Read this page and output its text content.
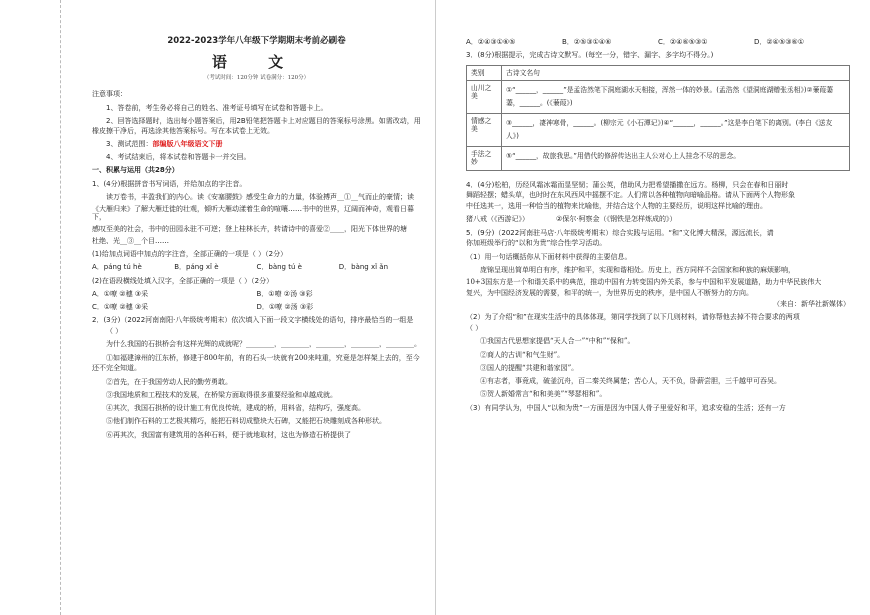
2022-2023学年八年级下学期期末考前必刷卷
语 文
（考试时间：120分钟 试卷满分：120分）

注意事项：

1、答卷前，考生务必将自己的姓名、准考证号填写在试卷和答题卡上。

2、回答选择题时，选出每小题答案后，用2B铅笔把答题卡上对应题目的答案标号涂黑。如需改动，用

橡皮擦干净后，再选涂其他答案标号。写在本试卷上无效。

3、测试范围：部编版八年级语文下册

4、考试结束后，将本试卷和答题卡一并交回。

一、积累与运用（共28分）

1、(4分)根据拼音书写词语，并给加点的字注音。

读万卷书，丰盈我们的内心。读《安塞腰鼓》感受生命力的力量，体验搏声__①__气而止的豪情；读

《大雁归来》了解大雁迁徙的壮观，倾听大雁动漾着生命的喧嚷……书中的世界，辽阔而神奇，观看日暮下，

感叹至美的社会，书中的田园永驻不可逆；登上桂林长卉，转请诗中的喜爱②____，阳光下体世界的塘

杜绝、光__③__个目……

(1)给加点词语中加点的字注音，全部正确的一项是（ ）（2分）

A．páng tú hè	B．páng xǐ è	C．bàng tú è	D．bàng xǐ ǎn

(2)在语段横线处填入汉字，全部正确的一项是（ ）（2分）

A．①嘹 ②穗 ③采	B．①嘹 ②汤 ③彩
C．①嘹 ②穗 ③采	D．①嘹 ②汤 ③彩

2．(3分)（2022河南南阳·八年级统考期末）依次填入下面一段文字横线处的语句，排序最恰当的一组是

（ ）

为什么我国的石拱桥会有这样光辉的成就呢？________，________，________，________，________。

①如福建漳州的江东桥，修建于800年前，有的石头一块就有200来吨重，究竟是怎样架上去的，至今

还不完全知道。

②首先，在于我国劳动人民的勤劳勇敢。

③我国地质和工程技术的发展，在桥梁方面取得很多重要经验和卓越成就。

④其次，我国石拱桥的设计施工有优良传统，建成的桥，用料省，结构巧，强度高。

⑤他们制作石料的工艺极其精巧，能把石料切成整块大石碑，又能把石块雕刻成各种形状。

⑥再其次，我国富有建筑用的各种石料，便于就地取材，这也为修造石桥提供了

A．②④③①⑥⑤	B．②⑤③①④⑥	C．②④⑥⑤③①	D．②④⑤③⑥①

3．(8分)根据提示，完成古诗文默写。(每空一分，错字、漏字、多字均不得分。)

类别	古诗文名句
山川之美	①“______，______”是孟浩然笔下洞庭湖水天相接，浑然一体的妙景。(孟浩然《望洞庭湖赠张丞相》)②蒹葭萋萋，______。(《蒹葭》)
情感之美	③______，凄神寒骨，______。(柳宗元《小石潭记》)④“______，______。”这是李白笔下的离别。(李白《送友人》)
手法之妙	⑤“______，故旅我思。”用借代的修辞传达出主人公对心上人挂念不尽的思念。

4．(4分)松柏，历经风霜冰霜而显坚韧；蒲公英，借助风力把希望播撒在远方。杨柳，只会在春和日丽时

舞蹈轻摆；蜡头草，也时时在东风西风中摇摆不定。人们常以各种植物向暗喻品格。请从下面两个人物形象

中任选其一，选用一种恰当的植物来比喻他，并结合这个人物的主要经历，说明这样比喻的理由。

猪八戒（《西游记》）	②保尔·柯察金（《钢铁是怎样炼成的》）

5．(9分)（2022河南驻马店·八年级统考期末）综合实践与运用。“和”文化博大精深，源远流长，请

你加班级举行的“以和为贵”综合性学习活动。

（1）用一句话概括你从下面材料中获得的主要信息。

庞锦呈现出简单明白有序，维护和平，实现和谐相处。历史上，西方同样不会国家和种族的麻烦影响，

10+3国东方是一个和谐关系中的典范，推动中国有力转变国内外关系，参与中国和平发展道路，助力中华民族伟大

复兴，为中国经济发展的需要，和平的统一，为世界历史的秩序，是中国人不断努力的方向。

（来自：新华社新媒体）

（2）为了介绍“和”在现实生活中的具体体现，第同学找到了以下几则材料，请你帮他去掉不符合要求的两项

（ ）

①我国古代思想家提倡“天人合一”“中和”“保和”。

②商人的古训“和气生财”。

③国人的提醒“共建和谐家园”。

④有志者，事竟成，破釜沉舟，百二秦关终属楚；苦心人，天不负，卧薪尝胆，三千越甲可吞吴。

⑤贺人新婚常言“和和美美”“琴瑟相和”。

（3）有同学认为，中国人“以和为贵”一方面是因为中国人骨子里爱好和平，追求安稳的生活；还有一方
